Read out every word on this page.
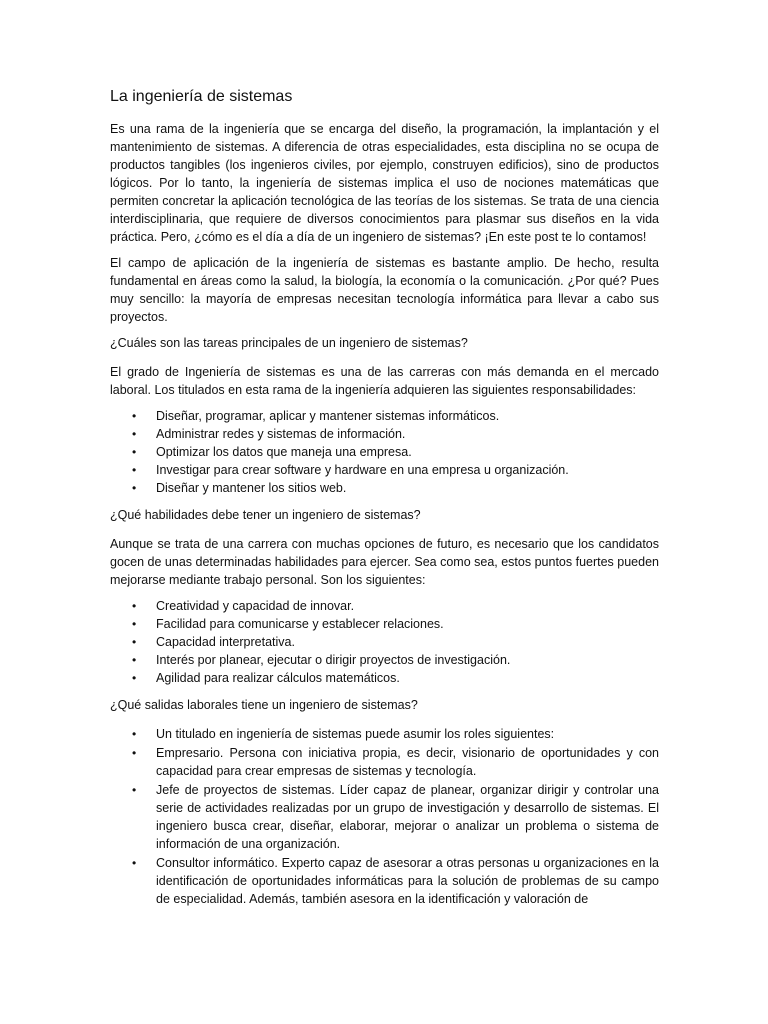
La ingeniería de sistemas

Es una rama de la ingeniería que se encarga del diseño, la programación, la implantación y el mantenimiento de sistemas. A diferencia de otras especialidades, esta disciplina no se ocupa de productos tangibles (los ingenieros civiles, por ejemplo, construyen edificios), sino de productos lógicos. Por lo tanto, la ingeniería de sistemas implica el uso de nociones matemáticas que permiten concretar la aplicación tecnológica de las teorías de los sistemas. Se trata de una ciencia interdisciplinaria, que requiere de diversos conocimientos para plasmar sus diseños en la vida práctica. Pero, ¿cómo es el día a día de un ingeniero de sistemas? ¡En este post te lo contamos!

El campo de aplicación de la ingeniería de sistemas es bastante amplio. De hecho, resulta fundamental en áreas como la salud, la biología, la economía o la comunicación. ¿Por qué? Pues muy sencillo: la mayoría de empresas necesitan tecnología informática para llevar a cabo sus proyectos.

¿Cuáles son las tareas principales de un ingeniero de sistemas?

El grado de Ingeniería de sistemas es una de las carreras con más demanda en el mercado laboral. Los titulados en esta rama de la ingeniería adquieren las siguientes responsabilidades:

• Diseñar, programar, aplicar y mantener sistemas informáticos.
• Administrar redes y sistemas de información.
• Optimizar los datos que maneja una empresa.
• Investigar para crear software y hardware en una empresa u organización.
• Diseñar y mantener los sitios web.

¿Qué habilidades debe tener un ingeniero de sistemas?

Aunque se trata de una carrera con muchas opciones de futuro, es necesario que los candidatos gocen de unas determinadas habilidades para ejercer. Sea como sea, estos puntos fuertes pueden mejorarse mediante trabajo personal. Son los siguientes:

• Creatividad y capacidad de innovar.
• Facilidad para comunicarse y establecer relaciones.
• Capacidad interpretativa.
• Interés por planear, ejecutar o dirigir proyectos de investigación.
• Agilidad para realizar cálculos matemáticos.

¿Qué salidas laborales tiene un ingeniero de sistemas?

• Un titulado en ingeniería de sistemas puede asumir los roles siguientes:
• Empresario. Persona con iniciativa propia, es decir, visionario de oportunidades y con capacidad para crear empresas de sistemas y tecnología.
• Jefe de proyectos de sistemas. Líder capaz de planear, organizar dirigir y controlar una serie de actividades realizadas por un grupo de investigación y desarrollo de sistemas. El ingeniero busca crear, diseñar, elaborar, mejorar o analizar un problema o sistema de información de una organización.
• Consultor informático. Experto capaz de asesorar a otras personas u organizaciones en la identificación de oportunidades informáticas para la solución de problemas de su campo de especialidad. Además, también asesora en la identificación y valoración de
